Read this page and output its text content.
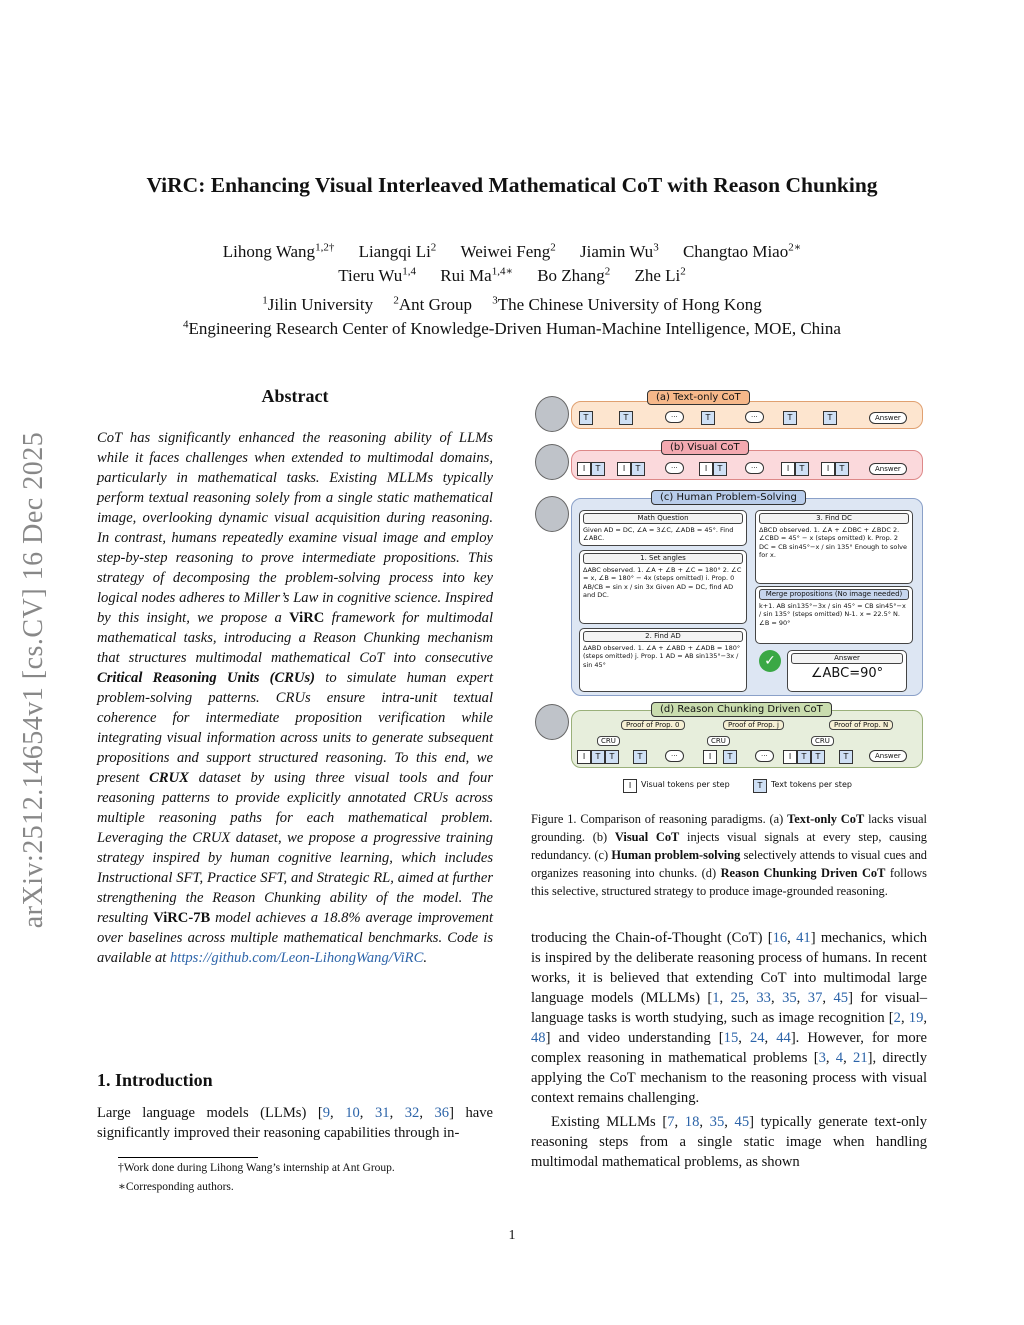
arXiv:2512.14654v1 [cs.CV] 16 Dec 2025
ViRC: Enhancing Visual Interleaved Mathematical CoT with Reason Chunking
Lihong Wang$^{1,2\dagger}$ Liangqi Li$^2$ Weiwei Feng$^2$ Jiamin Wu$^3$ Changtao Miao$^{2∗}$
Tieru Wu$^{1,4}$ Rui $Ma^{1,4∗}$ Bo Zhang$^2$ Zhe Li$^2$
$^1$Jilin University $^2$Ant Group $^3$The Chinese University of Hong Kong
$^4$Engineering Research Center of Knowledge-Driven Human-Machine Intelligence, MOE, China
Abstract
CoT has significantly enhanced the reasoning ability of LLMs while it faces challenges when extended to multimodal domains, particularly in mathematical tasks. Existing MLLMs typically perform textual reasoning solely from a single static mathematical image, overlooking dynamic visual acquisition during reasoning. In contrast, humans repeatedly examine visual image and employ step-by-step reasoning to prove intermediate propositions. This strategy of decomposing the problem-solving process into key logical nodes adheres to Miller’s Law in cognitive science. Inspired by this insight, we propose a ViRC framework for multimodal mathematical tasks, introducing a Reason Chunking mechanism that structures multimodal mathematical CoT into consecutive Critical Reasoning Units (CRUs) to simulate human expert problem-solving patterns. CRUs ensure intra-unit textual coherence for intermediate proposition verification while integrating visual information across units to generate subsequent propositions and support structured reasoning. To this end, we present CRUX dataset by using three visual tools and four reasoning patterns to provide explicitly annotated CRUs across multiple reasoning paths for each mathematical problem. Leveraging the CRUX dataset, we propose a progressive training strategy inspired by human cognitive learning, which includes Instructional SFT, Practice SFT, and Strategic RL, aimed at further strengthening the Reason Chunking ability of the model. The resulting ViRC-7B model achieves a 18.8% average improvement over baselines across multiple mathematical benchmarks. Code is available at https://github.com/Leon-LihongWang/ViRC.
1. Introduction
Large language models (LLMs) [9, 10, 31, 32, 36] have significantly improved their reasoning capabilities through in-
†Work done during Lihong Wang’s internship at Ant Group.
∗Corresponding authors.
(a) Text-only CoT
T	T	···	T	···	T	T	Answer
(b) Visual CoT
I	T	I	T	···	I	T	···	I	T	I	T	Answer
(c) Human Problem-Solving
Math Question
Given AD = DC, ∠A = 3∠C, ∠ADB = 45°. Find ∠ABC.
1. Set angles
ΔABC observed. 1. ∠A + ∠B + ∠C = 180° 2. ∠C = x, ∠B = 180° − 4x (steps omitted) i. Prop. 0 AB/CB = sin x / sin 3x Given AD = DC, find AD and DC.
2. Find AD
ΔABD observed. 1. ∠A + ∠ABD + ∠ADB = 180° (steps omitted) j. Prop. 1 AD = AB sin135°−3x / sin 45°
3. Find DC
ΔBCD observed. 1. ∠A + ∠DBC + ∠BDC 2. ∠CBD = 45° − x (steps omitted) k. Prop. 2 DC = CB sin45°−x / sin 135° Enough to solve for x.
Merge propositions (No image needed)
k+1. AB sin135°−3x / sin 45° = CB sin45°−x / sin 135° (steps omitted) N-1. x = 22.5° N. ∠B = 90°
✓	Answer
∠ABC=90°
(d) Reason Chunking Driven CoT
Proof of Prop. 0	Proof of Prop. j	Proof of Prop. N
CRU	CRU	CRU
I	T	T	T	···	I	T	···	I	T	T	T	Answer
I	Visual tokens per step	T	Text tokens per step
Figure 1. Comparison of reasoning paradigms. (a) Text-only CoT lacks visual grounding. (b) Visual CoT injects visual signals at every step, causing redundancy. (c) Human problem-solving selectively attends to visual cues and organizes reasoning into chunks. (d) Reason Chunking Driven CoT follows this selective, structured strategy to produce image-grounded reasoning.
troducing the Chain-of-Thought (CoT) [16, 41] mechanics, which is inspired by the deliberate reasoning process of humans. In recent works, it is believed that extending CoT into multimodal large language models (MLLMs) [1, 25, 33, 35, 37, 45] for visual–language tasks is worth studying, such as image recognition [2, 19, 48] and video understanding [15, 24, 44]. However, for more complex reasoning in mathematical problems [3, 4, 21], directly applying the CoT mechanism to the reasoning process with visual context remains challenging.
Existing MLLMs [7, 18, 35, 45] typically generate text-only reasoning steps from a single static image when handling multimodal mathematical problems, as shown
1
